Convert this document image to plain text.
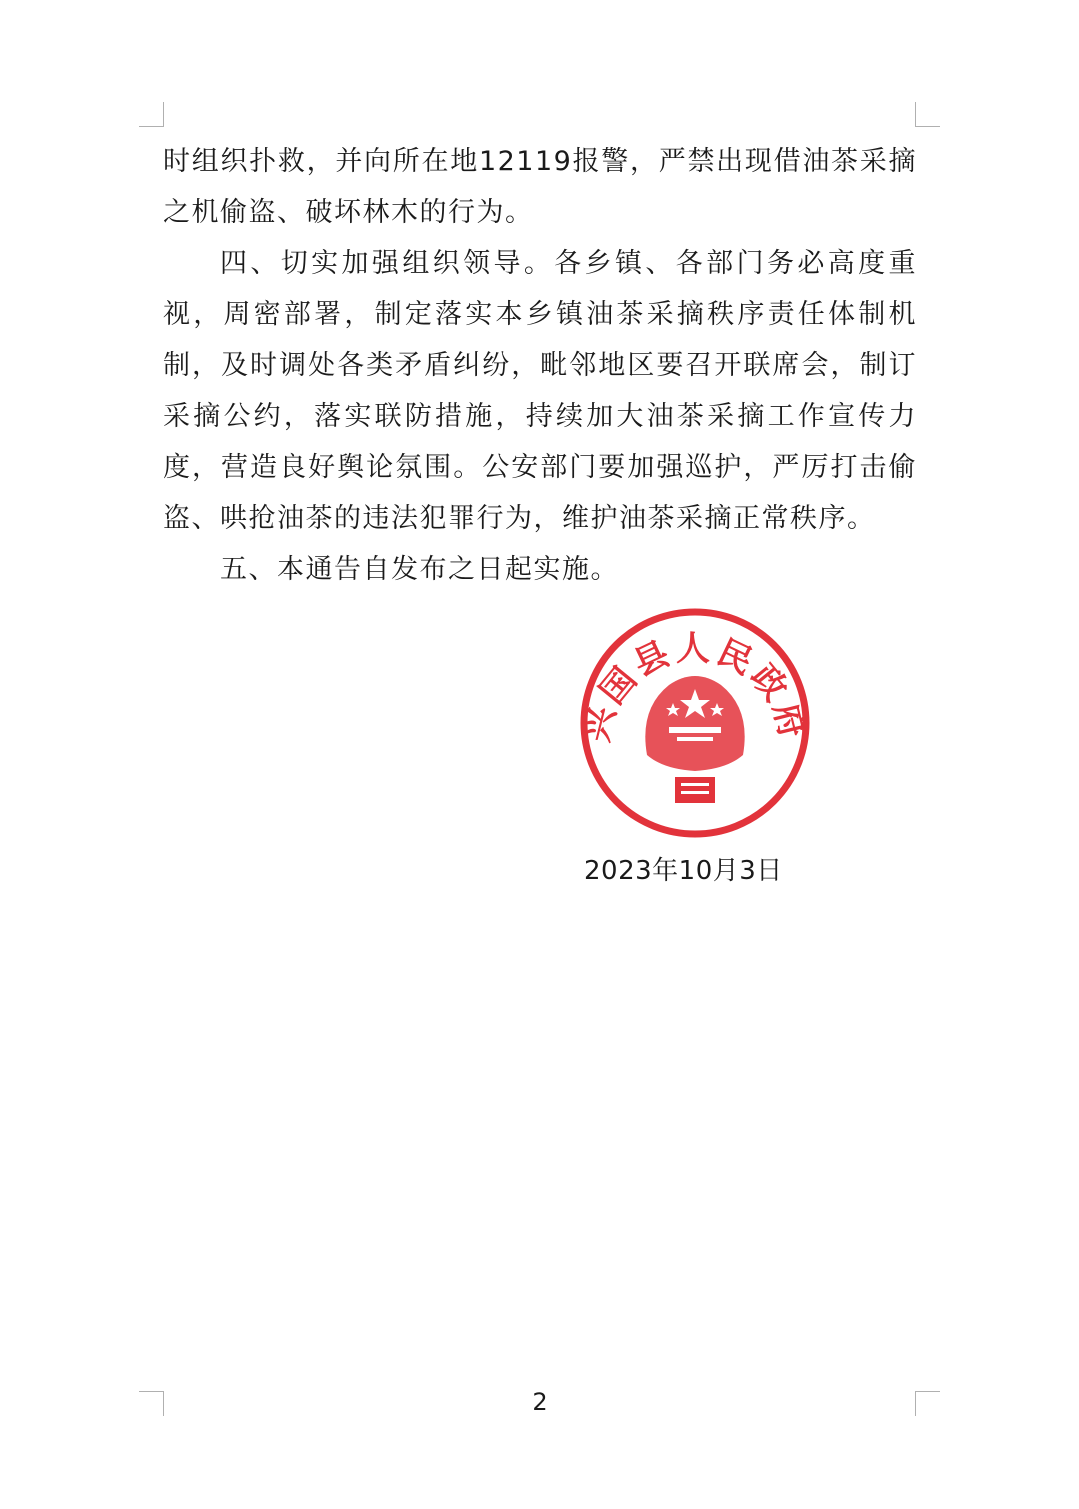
时组织扑救，并向所在地12119报警，严禁出现借油茶采摘之机偷盗、破坏林木的行为。

四、切实加强组织领导。各乡镇、各部门务必高度重视，周密部署，制定落实本乡镇油茶采摘秩序责任体制机制，及时调处各类矛盾纠纷，毗邻地区要召开联席会，制订采摘公约，落实联防措施，持续加大油茶采摘工作宣传力度，营造良好舆论氛围。公安部门要加强巡护，严厉打击偷盗、哄抢油茶的违法犯罪行为，维护油茶采摘正常秩序。

五、本通告自发布之日起实施。

兴国县人民政府
2023年10月3日
2
